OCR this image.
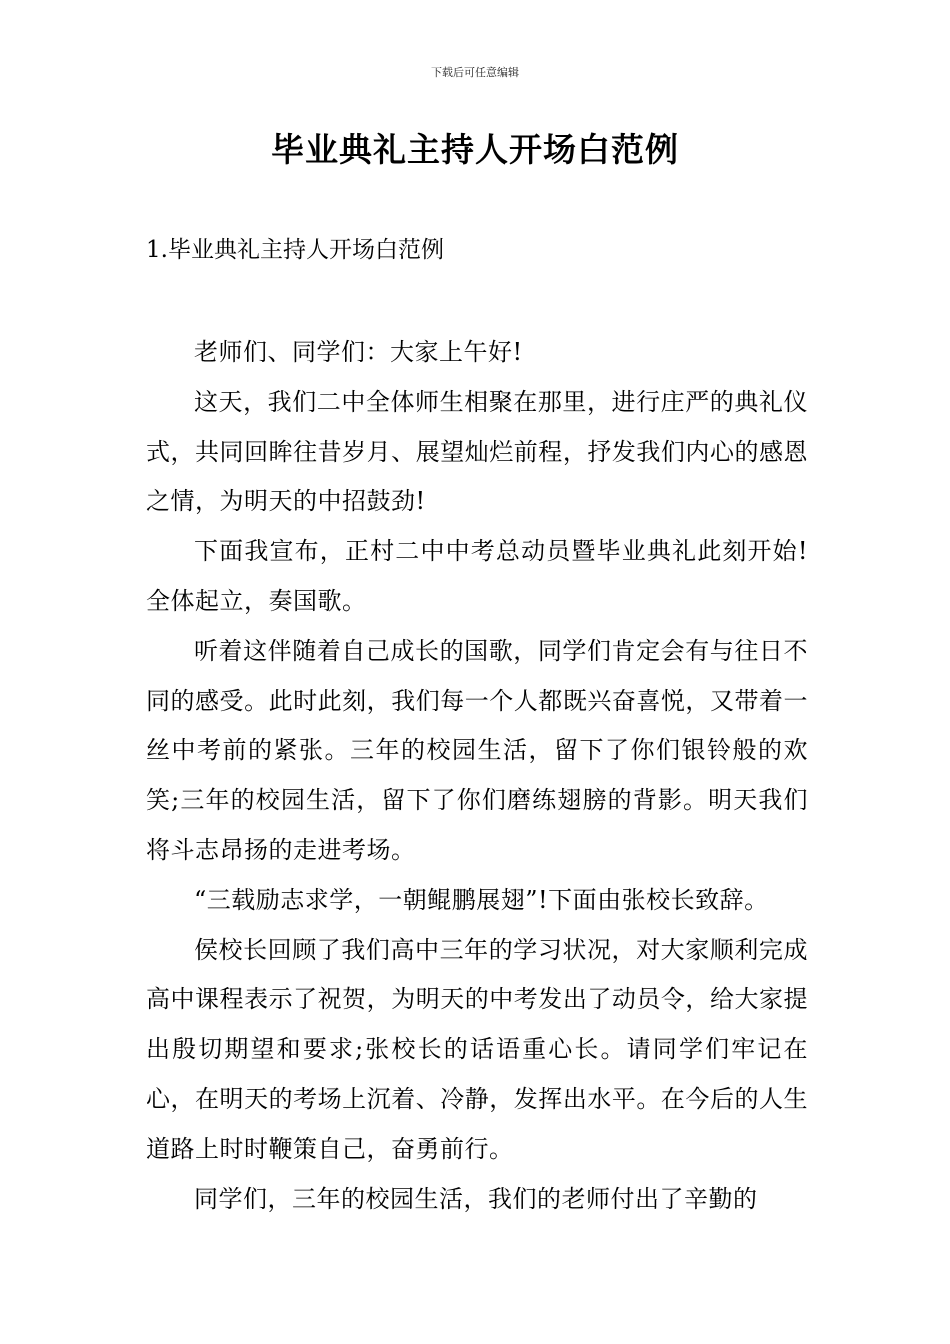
下载后可任意编辑
毕业典礼主持人开场白范例
1.毕业典礼主持人开场白范例

老师们、同学们：大家上午好!

这天，我们二中全体师生相聚在那里，进行庄严的典礼仪式，共同回眸往昔岁月、展望灿烂前程，抒发我们内心的感恩之情，为明天的中招鼓劲!

下面我宣布，正村二中中考总动员暨毕业典礼此刻开始!全体起立，奏国歌。

听着这伴随着自己成长的国歌，同学们肯定会有与往日不同的感受。此时此刻，我们每一个人都既兴奋喜悦，又带着一丝中考前的紧张。三年的校园生活，留下了你们银铃般的欢笑;三年的校园生活，留下了你们磨练翅膀的背影。明天我们将斗志昂扬的走进考场。

“三载励志求学，一朝鲲鹏展翅”!下面由张校长致辞。

侯校长回顾了我们高中三年的学习状况，对大家顺利完成高中课程表示了祝贺，为明天的中考发出了动员令，给大家提出殷切期望和要求;张校长的话语重心长。请同学们牢记在心，在明天的考场上沉着、冷静，发挥出水平。在今后的人生道路上时时鞭策自己，奋勇前行。

同学们，三年的校园生活，我们的老师付出了辛勤的
